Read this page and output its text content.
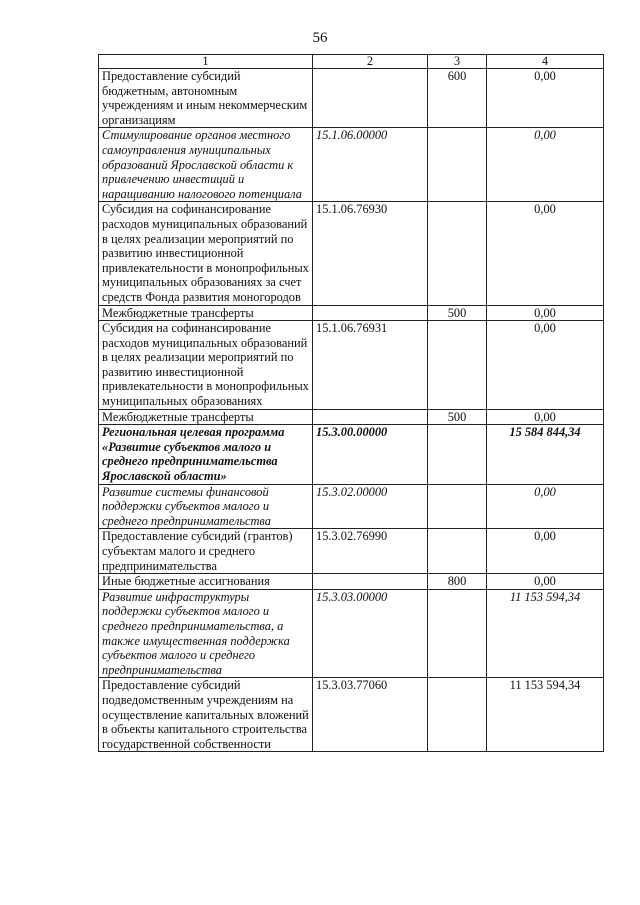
56
1	2	3	4
Предоставление субсидий бюджетным, автономным учреждениям и иным некоммерческим организациям		600	0,00
Стимулирование органов местного самоуправления муниципальных образований Ярославской области к привлечению инвестиций и наращиванию налогового потенциала	15.1.06.00000		0,00
Субсидия на софинансирование расходов муниципальных образований в целях реализации мероприятий по развитию инвестиционной привлекательности в монопрофильных муниципальных образованиях за счет средств Фонда развития моногородов	15.1.06.76930		0,00
Межбюджетные трансферты		500	0,00
Субсидия на софинансирование расходов муниципальных образований в целях реализации мероприятий по развитию инвестиционной привлекательности в монопрофильных муниципальных образованиях	15.1.06.76931		0,00
Межбюджетные трансферты		500	0,00
Региональная целевая программа «Развитие субъектов малого и среднего предпринимательства Ярославской области»	15.3.00.00000		15 584 844,34
Развитие системы финансовой поддержки субъектов малого и среднего предпринимательства	15.3.02.00000		0,00
Предоставление субсидий (грантов) субъектам малого и среднего предпринимательства	15.3.02.76990		0,00
Иные бюджетные ассигнования		800	0,00
Развитие инфраструктуры поддержки субъектов малого и среднего предпринимательства, а также имущественная поддержка субъектов малого и среднего предпринимательства	15.3.03.00000		11 153 594,34
Предоставление субсидий подведомственным учреждениям на осуществление капитальных вложений в объекты капитального строительства государственной собственности	15.3.03.77060		11 153 594,34
